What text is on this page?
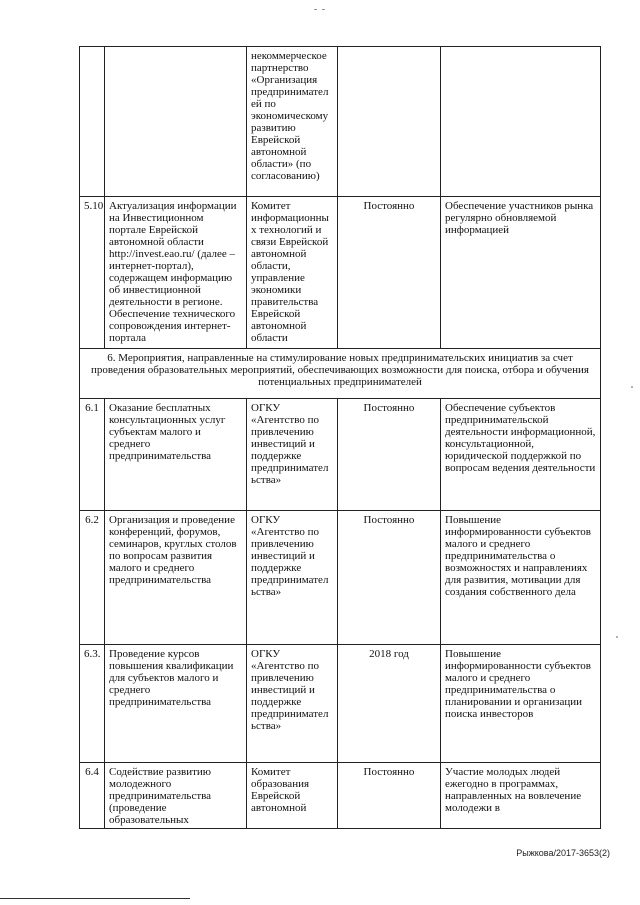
- -
		некоммерческое партнерство «Организация предпринимателей по экономическому развитию Еврейской автономной области» (по согласованию)		
5.10	Актуализация информации на Инвестиционном портале Еврейской автономной области http://invest.eao.ru/ (далее – интернет-портал), содержащем информацию об инвестиционной деятельности в регионе. Обеспечение технического сопровождения интернет-портала	Комитет информационных технологий и связи Еврейской автономной области, управление экономики правительства Еврейской автономной области	Постоянно	Обеспечение участников рынка регулярно обновляемой информацией
6. Мероприятия, направленные на стимулирование новых предпринимательских инициатив за счет проведения образовательных мероприятий, обеспечивающих возможности для поиска, отбора и обучения потенциальных предпринимателей				
6.1	Оказание бесплатных консультационных услуг субъектам малого и среднего предпринимательства	ОГКУ «Агентство по привлечению инвестиций и поддержке предпринимательства»	Постоянно	Обеспечение субъектов предпринимательской деятельности информационной, консультационной, юридической поддержкой по вопросам ведения деятельности
6.2	Организация и проведение конференций, форумов, семинаров, круглых столов по вопросам развития малого и среднего предпринимательства	ОГКУ «Агентство по привлечению инвестиций и поддержке предпринимательства»	Постоянно	Повышение информированности субъектов малого и среднего предпринимательства о возможностях и направлениях для развития, мотивации для создания собственного дела
6.3.	Проведение курсов повышения квалификации для субъектов малого и среднего предпринимательства	ОГКУ «Агентство по привлечению инвестиций и поддержке предпринимательства»	2018 год	Повышение информированности субъектов малого и среднего предпринимательства о планировании и организации поиска инвесторов
6.4	Содействие развитию молодежного предпринимательства (проведение образовательных	Комитет образования Еврейской автономной	Постоянно	Участие молодых людей ежегодно в программах, направленных на вовлечение молодежи в
Рыжкова/2017-3653(2)
